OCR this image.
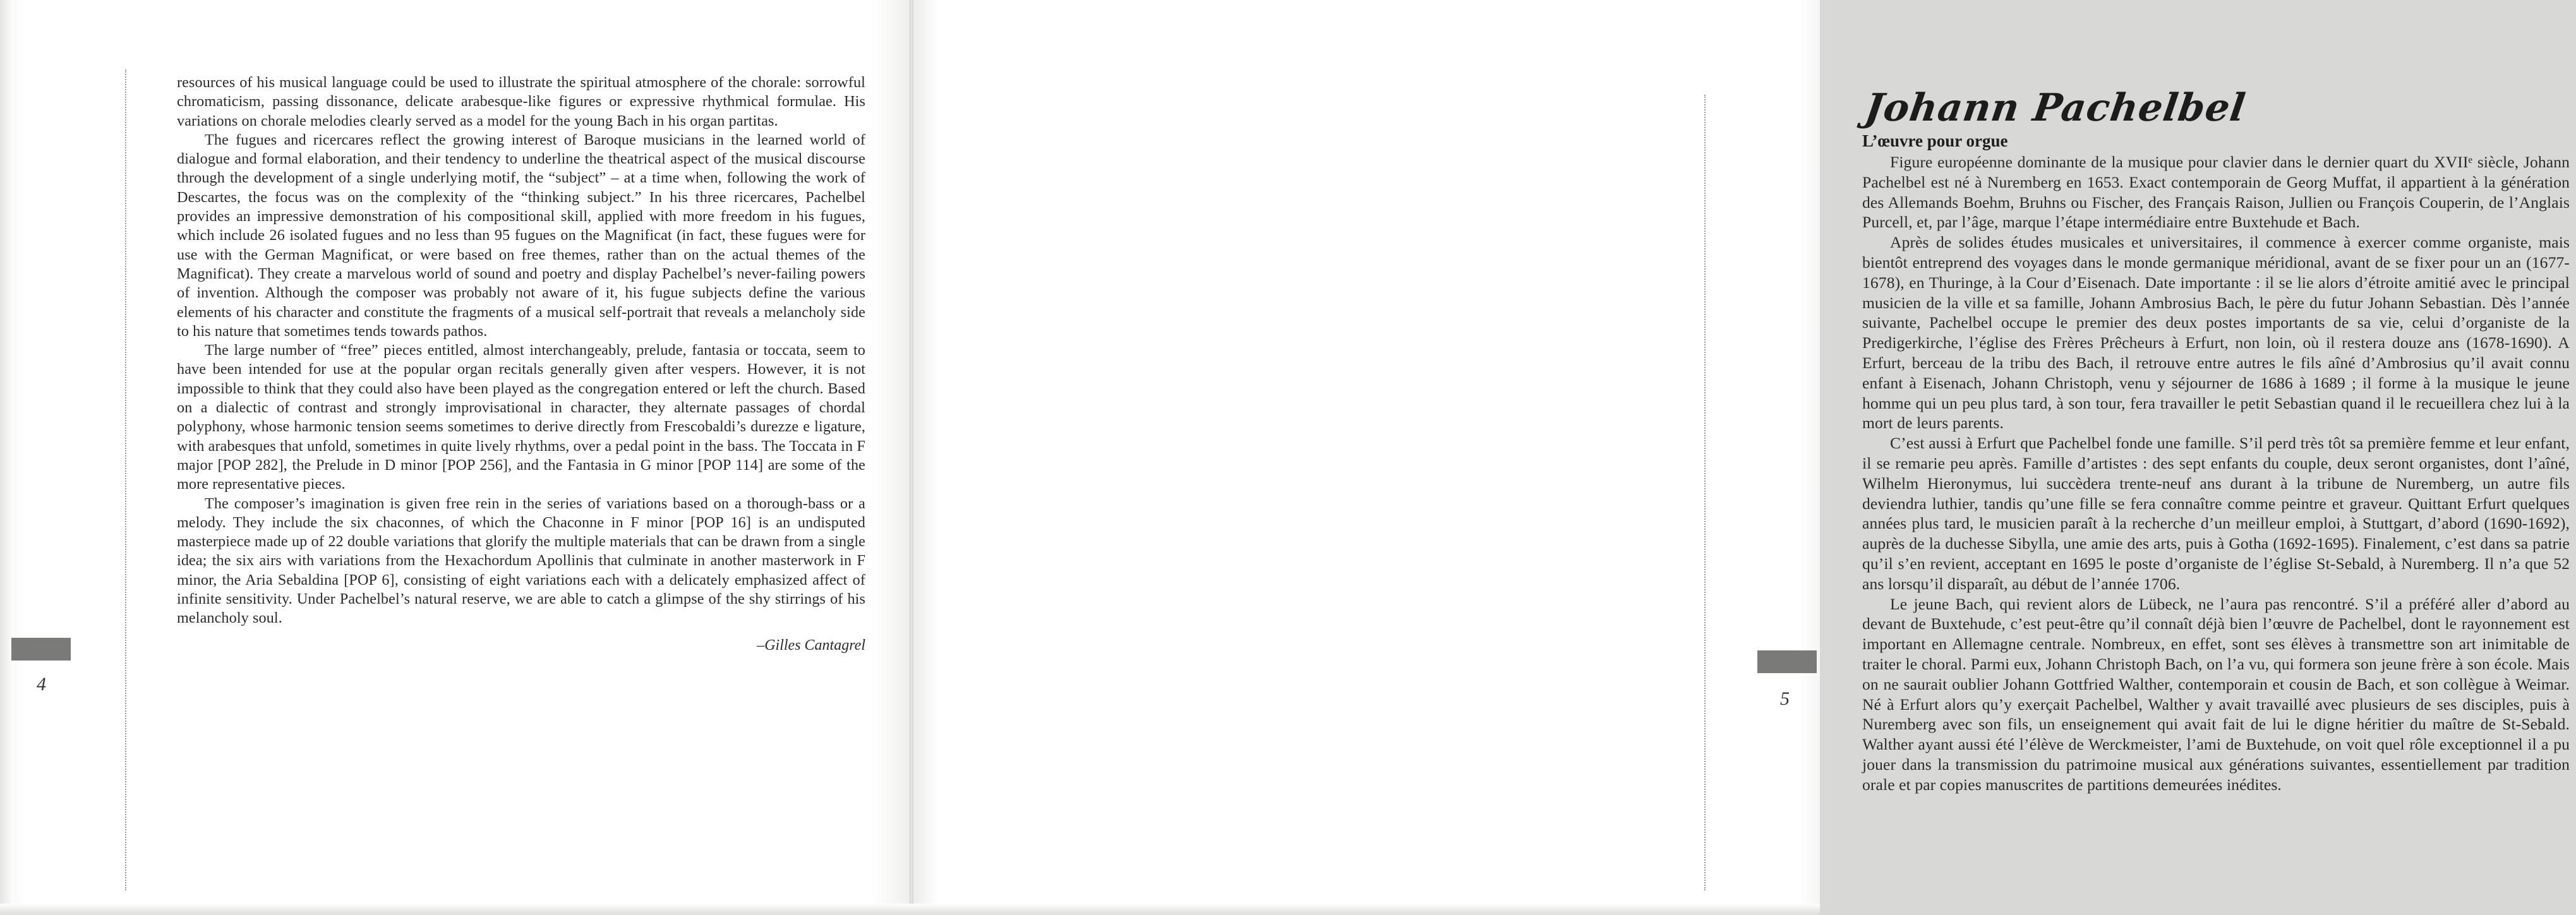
4

resources of his musical language could be used to illustrate the spiritual atmosphere of the chorale: sorrowful chromaticism, passing dissonance, delicate arabesque-like figures or expressive rhythmical formulae. His variations on chorale melodies clearly served as a model for the young Bach in his organ partitas.

The fugues and ricercares reflect the growing interest of Baroque musicians in the learned world of dialogue and formal elaboration, and their tendency to underline the theatrical aspect of the musical discourse through the development of a single underlying motif, the “subject” – at a time when, following the work of Descartes, the focus was on the complexity of the “thinking subject.” In his three ricercares, Pachelbel provides an impressive demonstration of his compositional skill, applied with more freedom in his fugues, which include 26 isolated fugues and no less than 95 fugues on the Magnificat (in fact, these fugues were for use with the German Magnificat, or were based on free themes, rather than on the actual themes of the Magnificat). They create a marvelous world of sound and poetry and display Pachelbel’s never-failing powers of invention. Although the composer was probably not aware of it, his fugue subjects define the various elements of his character and constitute the fragments of a musical self-portrait that reveals a melancholy side to his nature that sometimes tends towards pathos.

The large number of “free” pieces entitled, almost interchangeably, prelude, fantasia or toccata, seem to have been intended for use at the popular organ recitals generally given after vespers. However, it is not impossible to think that they could also have been played as the congregation entered or left the church. Based on a dialectic of contrast and strongly improvisational in character, they alternate passages of chordal polyphony, whose harmonic tension seems sometimes to derive directly from Frescobaldi’s durezze e ligature, with arabesques that unfold, sometimes in quite lively rhythms, over a pedal point in the bass. The Toccata in F major [POP 282], the Prelude in D minor [POP 256], and the Fantasia in G minor [POP 114] are some of the more representative pieces.

The composer’s imagination is given free rein in the series of variations based on a thorough-bass or a melody. They include the six chaconnes, of which the Chaconne in F minor [POP 16] is an undisputed masterpiece made up of 22 double variations that glorify the multiple materials that can be drawn from a single idea; the six airs with variations from the Hexachordum Apollinis that culminate in another masterwork in F minor, the Aria Sebaldina [POP 6], consisting of eight variations each with a delicately emphasized affect of infinite sensitivity. Under Pachelbel’s natural reserve, we are able to catch a glimpse of the shy stirrings of his melancholy soul.

–Gilles Cantagrel
5
Johann Pachelbel
L’œuvre pour orgue

Figure européenne dominante de la musique pour clavier dans le dernier quart du XVIIᵉ siècle, Johann Pachelbel est né à Nuremberg en 1653. Exact contemporain de Georg Muffat, il appartient à la génération des Allemands Boehm, Bruhns ou Fischer, des Français Raison, Jullien ou François Couperin, de l’Anglais Purcell, et, par l’âge, marque l’étape intermédiaire entre Buxtehude et Bach.

Après de solides études musicales et universitaires, il commence à exercer comme organiste, mais bientôt entreprend des voyages dans le monde germanique méridional, avant de se fixer pour un an (1677-1678), en Thuringe, à la Cour d’Eisenach. Date importante : il se lie alors d’étroite amitié avec le principal musicien de la ville et sa famille, Johann Ambrosius Bach, le père du futur Johann Sebastian. Dès l’année suivante, Pachelbel occupe le premier des deux postes importants de sa vie, celui d’organiste de la Predigerkirche, l’église des Frères Prêcheurs à Erfurt, non loin, où il restera douze ans (1678-1690). A Erfurt, berceau de la tribu des Bach, il retrouve entre autres le fils aîné d’Ambrosius qu’il avait connu enfant à Eisenach, Johann Christoph, venu y séjourner de 1686 à 1689 ; il forme à la musique le jeune homme qui un peu plus tard, à son tour, fera travailler le petit Sebastian quand il le recueillera chez lui à la mort de leurs parents.

C’est aussi à Erfurt que Pachelbel fonde une famille. S’il perd très tôt sa première femme et leur enfant, il se remarie peu après. Famille d’artistes : des sept enfants du couple, deux seront organistes, dont l’aîné, Wilhelm Hieronymus, lui succèdera trente-neuf ans durant à la tribune de Nuremberg, un autre fils deviendra luthier, tandis qu’une fille se fera connaître comme peintre et graveur. Quittant Erfurt quelques années plus tard, le musicien paraît à la recherche d’un meilleur emploi, à Stuttgart, d’abord (1690-1692), auprès de la duchesse Sibylla, une amie des arts, puis à Gotha (1692-1695). Finalement, c’est dans sa patrie qu’il s’en revient, acceptant en 1695 le poste d’organiste de l’église St-Sebald, à Nuremberg. Il n’a que 52 ans lorsqu’il disparaît, au début de l’année 1706.

Le jeune Bach, qui revient alors de Lübeck, ne l’aura pas rencontré. S’il a préféré aller d’abord au devant de Buxtehude, c’est peut-être qu’il connaît déjà bien l’œuvre de Pachelbel, dont le rayonnement est important en Allemagne centrale. Nombreux, en effet, sont ses élèves à transmettre son art inimitable de traiter le choral. Parmi eux, Johann Christoph Bach, on l’a vu, qui formera son jeune frère à son école. Mais on ne saurait oublier Johann Gottfried Walther, contemporain et cousin de Bach, et son collègue à Weimar. Né à Erfurt alors qu’y exerçait Pachelbel, Walther y avait travaillé avec plusieurs de ses disciples, puis à Nuremberg avec son fils, un enseignement qui avait fait de lui le digne héritier du maître de St-Sebald. Walther ayant aussi été l’élève de Werckmeister, l’ami de Buxtehude, on voit quel rôle exceptionnel il a pu jouer dans la transmission du patrimoine musical aux générations suivantes, essentiellement par tradition orale et par copies manuscrites de partitions demeurées inédites.
